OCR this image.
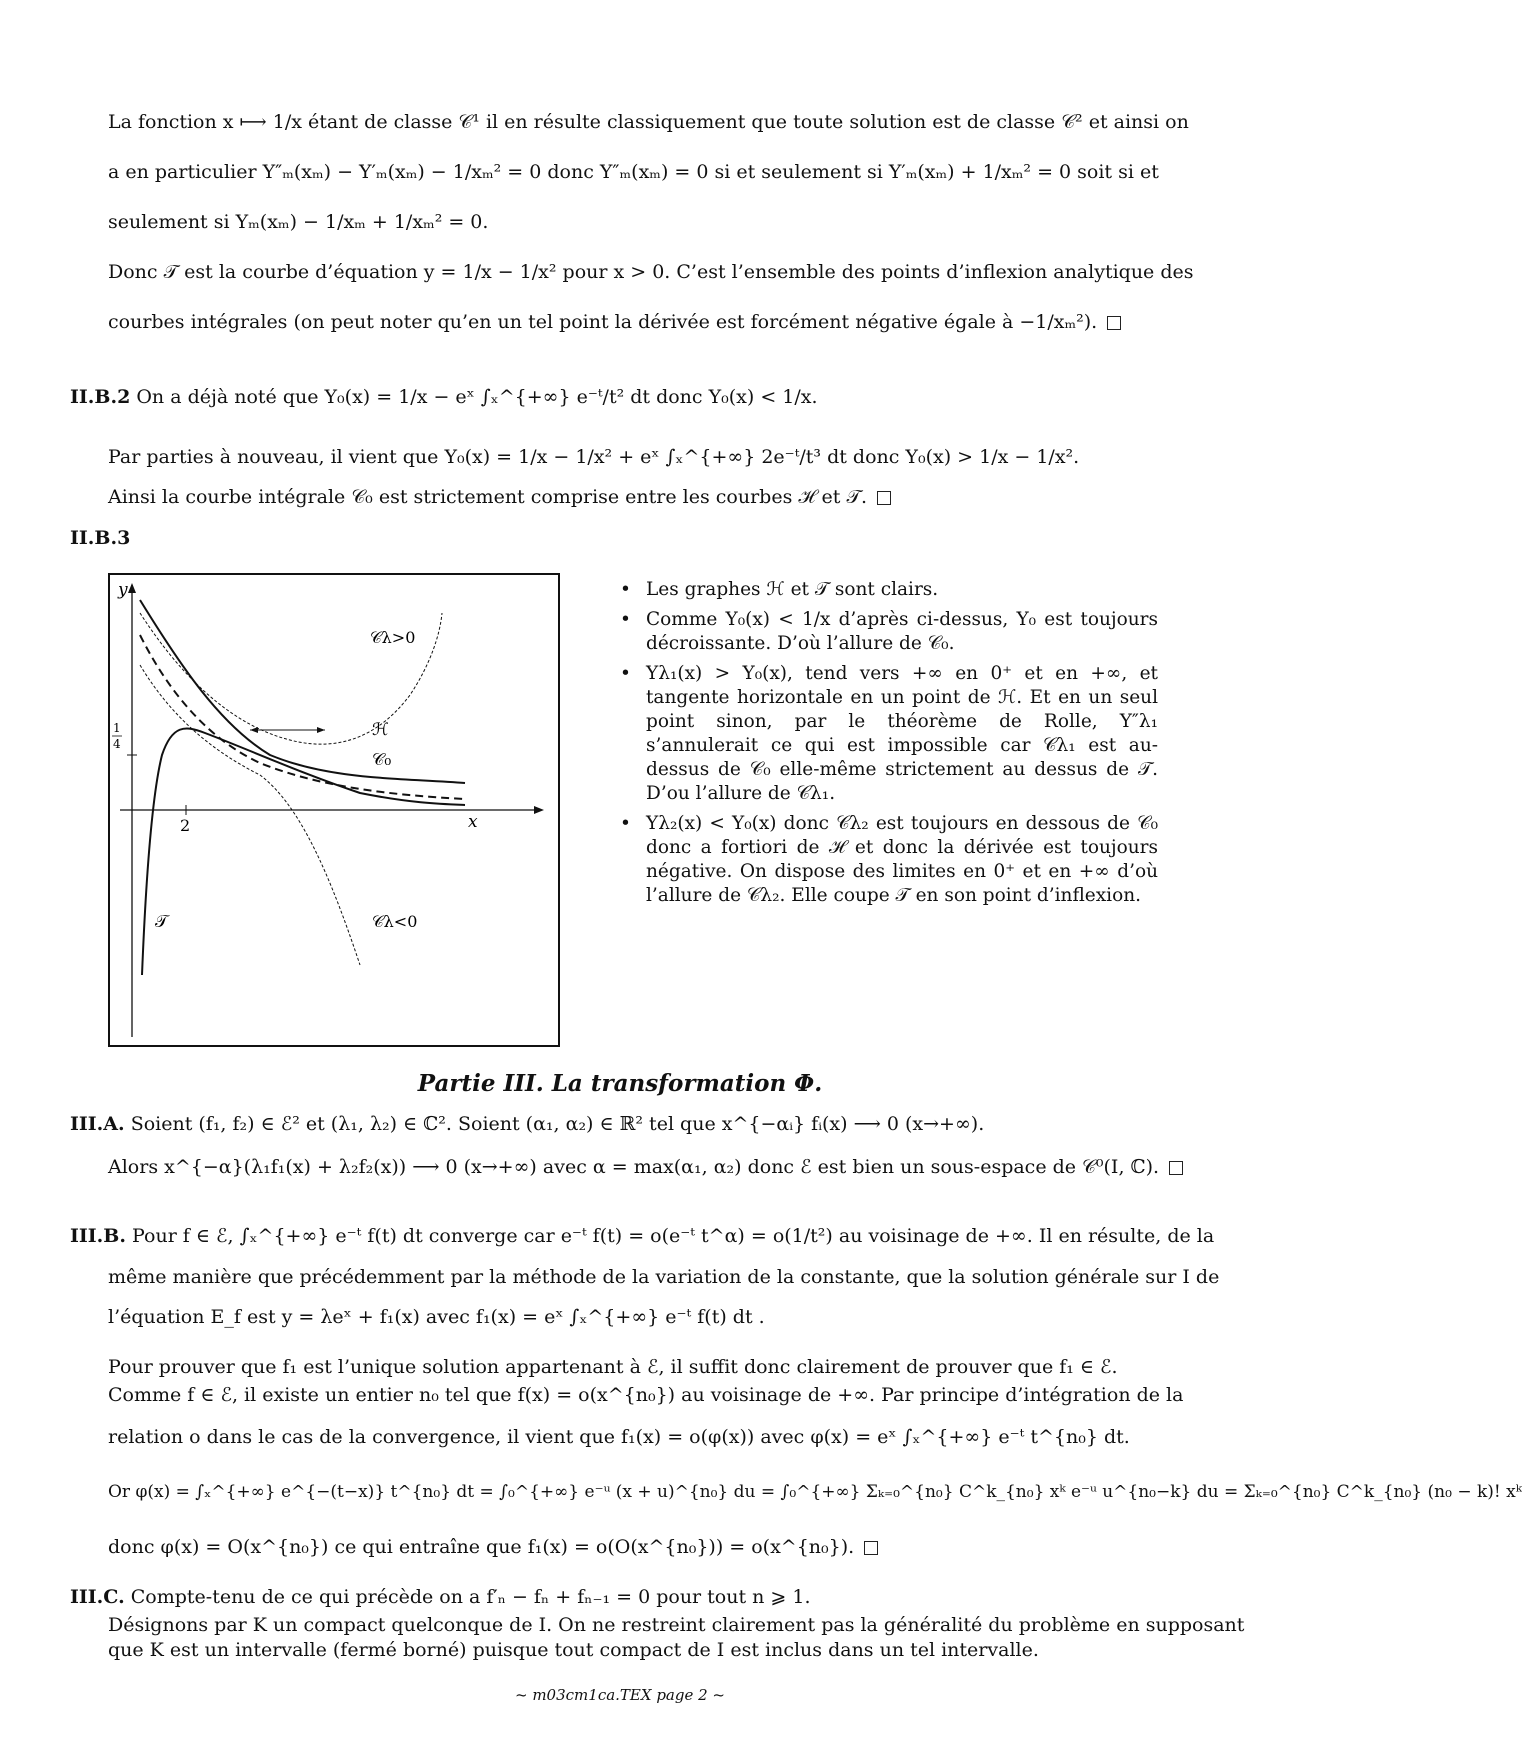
La fonction x ⟼ 1/x étant de classe 𝒞¹ il en résulte classiquement que toute solution est de classe 𝒞² et ainsi on
a en particulier Y″ₘ(xₘ) − Y′ₘ(xₘ) − 1/xₘ² = 0 donc Y″ₘ(xₘ) = 0 si et seulement si Y′ₘ(xₘ) + 1/xₘ² = 0 soit si et
seulement si Yₘ(xₘ) − 1/xₘ + 1/xₘ² = 0.
Donc 𝒯 est la courbe d’équation y = 1/x − 1/x² pour x > 0. C’est l’ensemble des points d’inflexion analytique des
courbes intégrales (on peut noter qu’en un tel point la dérivée est forcément négative égale à −1/xₘ²).
II.B.2 On a déjà noté que Y₀(x) = 1/x − eˣ ∫ₓ^{+∞} e⁻ᵗ/t² dt donc Y₀(x) < 1/x.
Par parties à nouveau, il vient que Y₀(x) = 1/x − 1/x² + eˣ ∫ₓ^{+∞} 2e⁻ᵗ/t³ dt donc Y₀(x) > 1/x − 1/x².
Ainsi la courbe intégrale 𝒞₀ est strictement comprise entre les courbes ℋ et 𝒯.
II.B.3
y
x
2
1
4
𝒞λ>0
ℋ
𝒞₀
𝒞λ<0
𝒯
• Les graphes ℋ et 𝒯 sont clairs.
• Comme Y₀(x) < 1/x d’après ci-dessus, Y₀ est toujours décroissante. D’où l’allure de 𝒞₀.
• Yλ₁(x) > Y₀(x), tend vers +∞ en 0⁺ et en +∞, et tangente horizontale en un point de ℋ. Et en un seul point sinon, par le théorème de Rolle, Y″λ₁ s’annulerait ce qui est impossible car 𝒞λ₁ est au-dessus de 𝒞₀ elle-même strictement au dessus de 𝒯. D’ou l’allure de 𝒞λ₁.
• Yλ₂(x) < Y₀(x) donc 𝒞λ₂ est toujours en dessous de 𝒞₀ donc a fortiori de ℋ et donc la dérivée est toujours négative. On dispose des limites en 0⁺ et en +∞ d’où l’allure de 𝒞λ₂. Elle coupe 𝒯 en son point d’inflexion.
Partie III. La transformation Φ.
III.A. Soient (f₁, f₂) ∈ ℰ² et (λ₁, λ₂) ∈ ℂ². Soient (α₁, α₂) ∈ ℝ² tel que x^{−αᵢ} fᵢ(x) ⟶ 0 (x→+∞).
Alors x^{−α}(λ₁f₁(x) + λ₂f₂(x)) ⟶ 0 (x→+∞) avec α = max(α₁, α₂) donc ℰ est bien un sous-espace de 𝒞⁰(I, ℂ).
III.B. Pour f ∈ ℰ, ∫ₓ^{+∞} e⁻ᵗ f(t) dt converge car e⁻ᵗ f(t) = o(e⁻ᵗ t^α) = o(1/t²) au voisinage de +∞. Il en résulte, de la
même manière que précédemment par la méthode de la variation de la constante, que la solution générale sur I de
l’équation E_f est y = λeˣ + f₁(x) avec f₁(x) = eˣ ∫ₓ^{+∞} e⁻ᵗ f(t) dt .
Pour prouver que f₁ est l’unique solution appartenant à ℰ, il suffit donc clairement de prouver que f₁ ∈ ℰ.
Comme f ∈ ℰ, il existe un entier n₀ tel que f(x) = o(x^{n₀}) au voisinage de +∞. Par principe d’intégration de la
relation o dans le cas de la convergence, il vient que f₁(x) = o(φ(x)) avec φ(x) = eˣ ∫ₓ^{+∞} e⁻ᵗ t^{n₀} dt.
Or φ(x) = ∫ₓ^{+∞} e^{−(t−x)} t^{n₀} dt = ∫₀^{+∞} e⁻ᵘ (x + u)^{n₀} du = ∫₀^{+∞} Σₖ₌₀^{n₀} C^k_{n₀} xᵏ e⁻ᵘ u^{n₀−k} du = Σₖ₌₀^{n₀} C^k_{n₀} (n₀ − k)! xᵏ
donc φ(x) = O(x^{n₀}) ce qui entraîne que f₁(x) = o(O(x^{n₀})) = o(x^{n₀}).
III.C. Compte-tenu de ce qui précède on a f′ₙ − fₙ + fₙ₋₁ = 0 pour tout n ⩾ 1.
Désignons par K un compact quelconque de I. On ne restreint clairement pas la généralité du problème en supposant
que K est un intervalle (fermé borné) puisque tout compact de I est inclus dans un tel intervalle.
~ m03cm1ca.TEX page 2 ~
